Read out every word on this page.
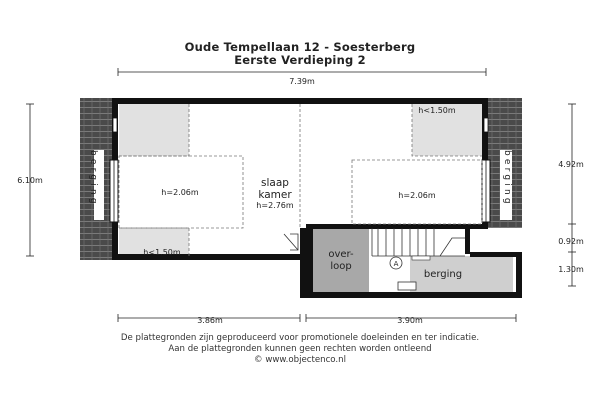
Oude Tempellaan 12 - Soesterberg
Eerste Verdieping 2
A
slaap
kamer
h=2.76m
h=2.06m	h=2.06m
h<1.50m
h<1.50m	over-
loop
berging
berging	berging
7.39m
6.10m
4.92m
0.92m
1.30m
3.86m	3.90m
De plattegronden zijn geproduceerd voor promotionele doeleinden en ter indicatie.
Aan de plattegronden kunnen geen rechten worden ontleend
© www.objectenco.nl
